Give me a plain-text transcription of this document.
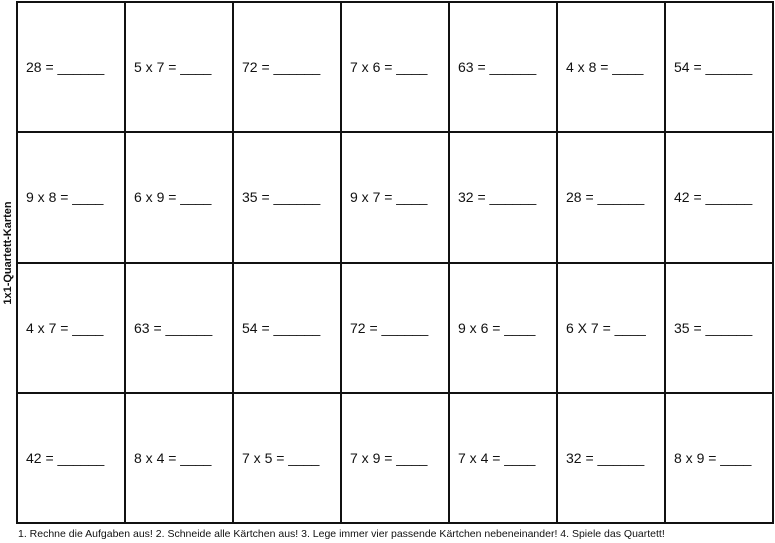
1x1-Quartett-Karten
28 = ______	5 x 7 = ____	72 = ______	7 x 6 = ____	63 = ______	4 x 8 = ____	54 = ______

9 x 8 = ____	6 x 9 = ____	35 = ______	9 x 7 = ____	32 = ______	28 = ______	42 = ______

4 x 7 = ____	63 = ______	54 = ______	72 = ______	9 x 6 = ____	6 X 7 = ____	35 = ______

42 = ______	8 x 4 = ____	7 x 5 = ____	7 x 9 = ____	7 x 4 = ____	32 = ______	8 x 9 = ____
1. Rechne die Aufgaben aus! 2. Schneide alle Kärtchen aus! 3. Lege immer vier passende Kärtchen nebeneinander! 4. Spiele das Quartett!
